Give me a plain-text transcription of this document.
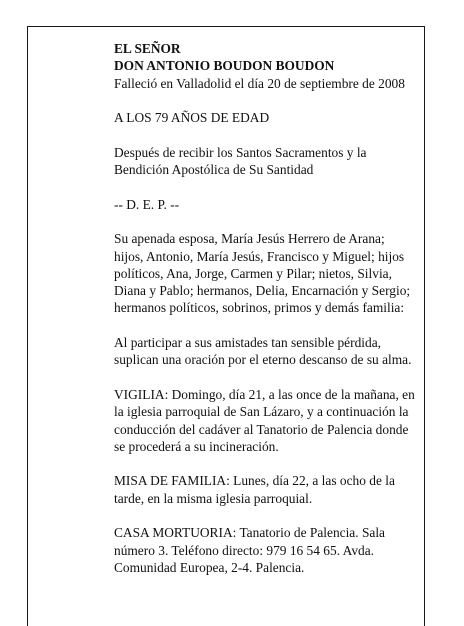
EL SEÑOR
DON ANTONIO BOUDON BOUDON
Falleció en Valladolid el día 20 de septiembre de 2008
A LOS 79 AÑOS DE EDAD
Después de recibir los Santos Sacramentos y la
Bendición Apostólica de Su Santidad
-- D. E. P. --
Su apenada esposa, María Jesús Herrero de Arana;
hijos, Antonio, María Jesús, Francisco y Miguel; hijos
políticos, Ana, Jorge, Carmen y Pilar; nietos, Silvia,
Diana y Pablo; hermanos, Delia, Encarnación y Sergio;
hermanos políticos, sobrinos, primos y demás familia:
Al participar a sus amistades tan sensible pérdida,
suplican una oración por el eterno descanso de su alma.
VIGILIA: Domingo, día 21, a las once de la mañana, en
la iglesia parroquial de San Lázaro, y a continuación la
conducción del cadáver al Tanatorio de Palencia donde
se procederá a su incineración.
MISA DE FAMILIA: Lunes, día 22, a las ocho de la
tarde, en la misma iglesia parroquial.
CASA MORTUORIA: Tanatorio de Palencia. Sala
número 3. Teléfono directo: 979 16 54 65. Avda.
Comunidad Europea, 2-4. Palencia.
